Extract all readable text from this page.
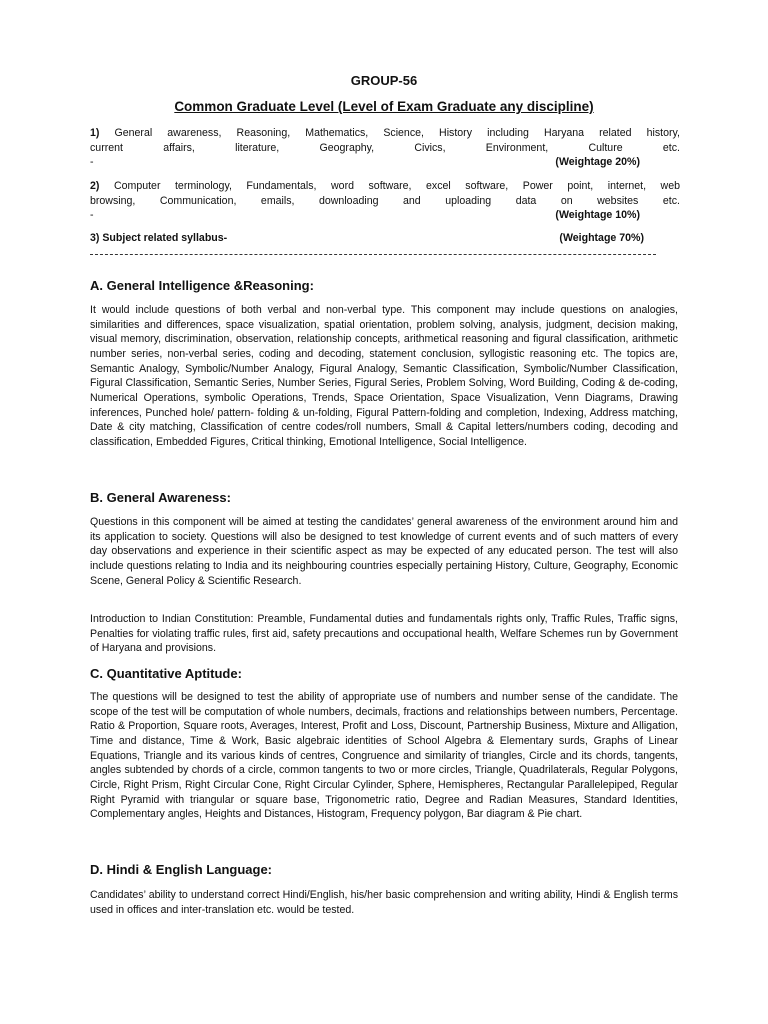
GROUP-56
Common Graduate Level (Level of Exam Graduate any discipline)
1) General awareness, Reasoning, Mathematics, Science, History including Haryana related history,
current	affairs,	literature,	Geography,	Civics,	Environment,	Culture	etc.
-	(Weightage 20%)
2) Computer terminology, Fundamentals, word software, excel software, Power point, internet, web
browsing, Communication, emails, downloading and uploading data on websites etc.
-	(Weightage 10%)
3) Subject related syllabus-	(Weightage 70%)
A. General Intelligence &Reasoning:
It would include questions of both verbal and non-verbal type. This component may include questions on analogies, similarities and differences, space visualization, spatial orientation, problem solving, analysis, judgment, decision making, visual memory, discrimination, observation, relationship concepts, arithmetical reasoning and figural classification, arithmetic number series, non-verbal series, coding and decoding, statement conclusion, syllogistic reasoning etc. The topics are, Semantic Analogy, Symbolic/Number Analogy, Figural Analogy, Semantic Classification, Symbolic/Number Classification, Figural Classification, Semantic Series, Number Series, Figural Series, Problem Solving, Word Building, Coding & de-coding, Numerical Operations, symbolic Operations, Trends, Space Orientation, Space Visualization, Venn Diagrams, Drawing inferences, Punched hole/ pattern- folding & un-folding, Figural Pattern-folding and completion, Indexing, Address matching, Date & city matching, Classification of centre codes/roll numbers, Small & Capital letters/numbers coding, decoding and classification, Embedded Figures, Critical thinking, Emotional Intelligence, Social Intelligence.
B. General Awareness:
Questions in this component will be aimed at testing the candidates’ general awareness of the environment around him and its application to society. Questions will also be designed to test knowledge of current events and of such matters of every day observations and experience in their scientific aspect as may be expected of any educated person. The test will also include questions relating to India and its neighbouring countries especially pertaining History, Culture, Geography, Economic Scene, General Policy & Scientific Research.
Introduction to Indian Constitution: Preamble, Fundamental duties and fundamentals rights only, Traffic Rules, Traffic signs, Penalties for violating traffic rules, first aid, safety precautions and occupational health, Welfare Schemes run by Government of Haryana and provisions.
C. Quantitative Aptitude:
The questions will be designed to test the ability of appropriate use of numbers and number sense of the candidate. The scope of the test will be computation of whole numbers, decimals, fractions and relationships between numbers, Percentage. Ratio & Proportion, Square roots, Averages, Interest, Profit and Loss, Discount, Partnership Business, Mixture and Alligation, Time and distance, Time & Work, Basic algebraic identities of School Algebra & Elementary surds, Graphs of Linear Equations, Triangle and its various kinds of centres, Congruence and similarity of triangles, Circle and its chords, tangents, angles subtended by chords of a circle, common tangents to two or more circles, Triangle, Quadrilaterals, Regular Polygons, Circle, Right Prism, Right Circular Cone, Right Circular Cylinder, Sphere, Hemispheres, Rectangular Parallelepiped, Regular Right Pyramid with triangular or square base, Trigonometric ratio, Degree and Radian Measures, Standard Identities, Complementary angles, Heights and Distances, Histogram, Frequency polygon, Bar diagram & Pie chart.
D. Hindi & English Language:
Candidates’ ability to understand correct Hindi/English, his/her basic comprehension and writing ability, Hindi & English terms used in offices and inter-translation etc. would be tested.
